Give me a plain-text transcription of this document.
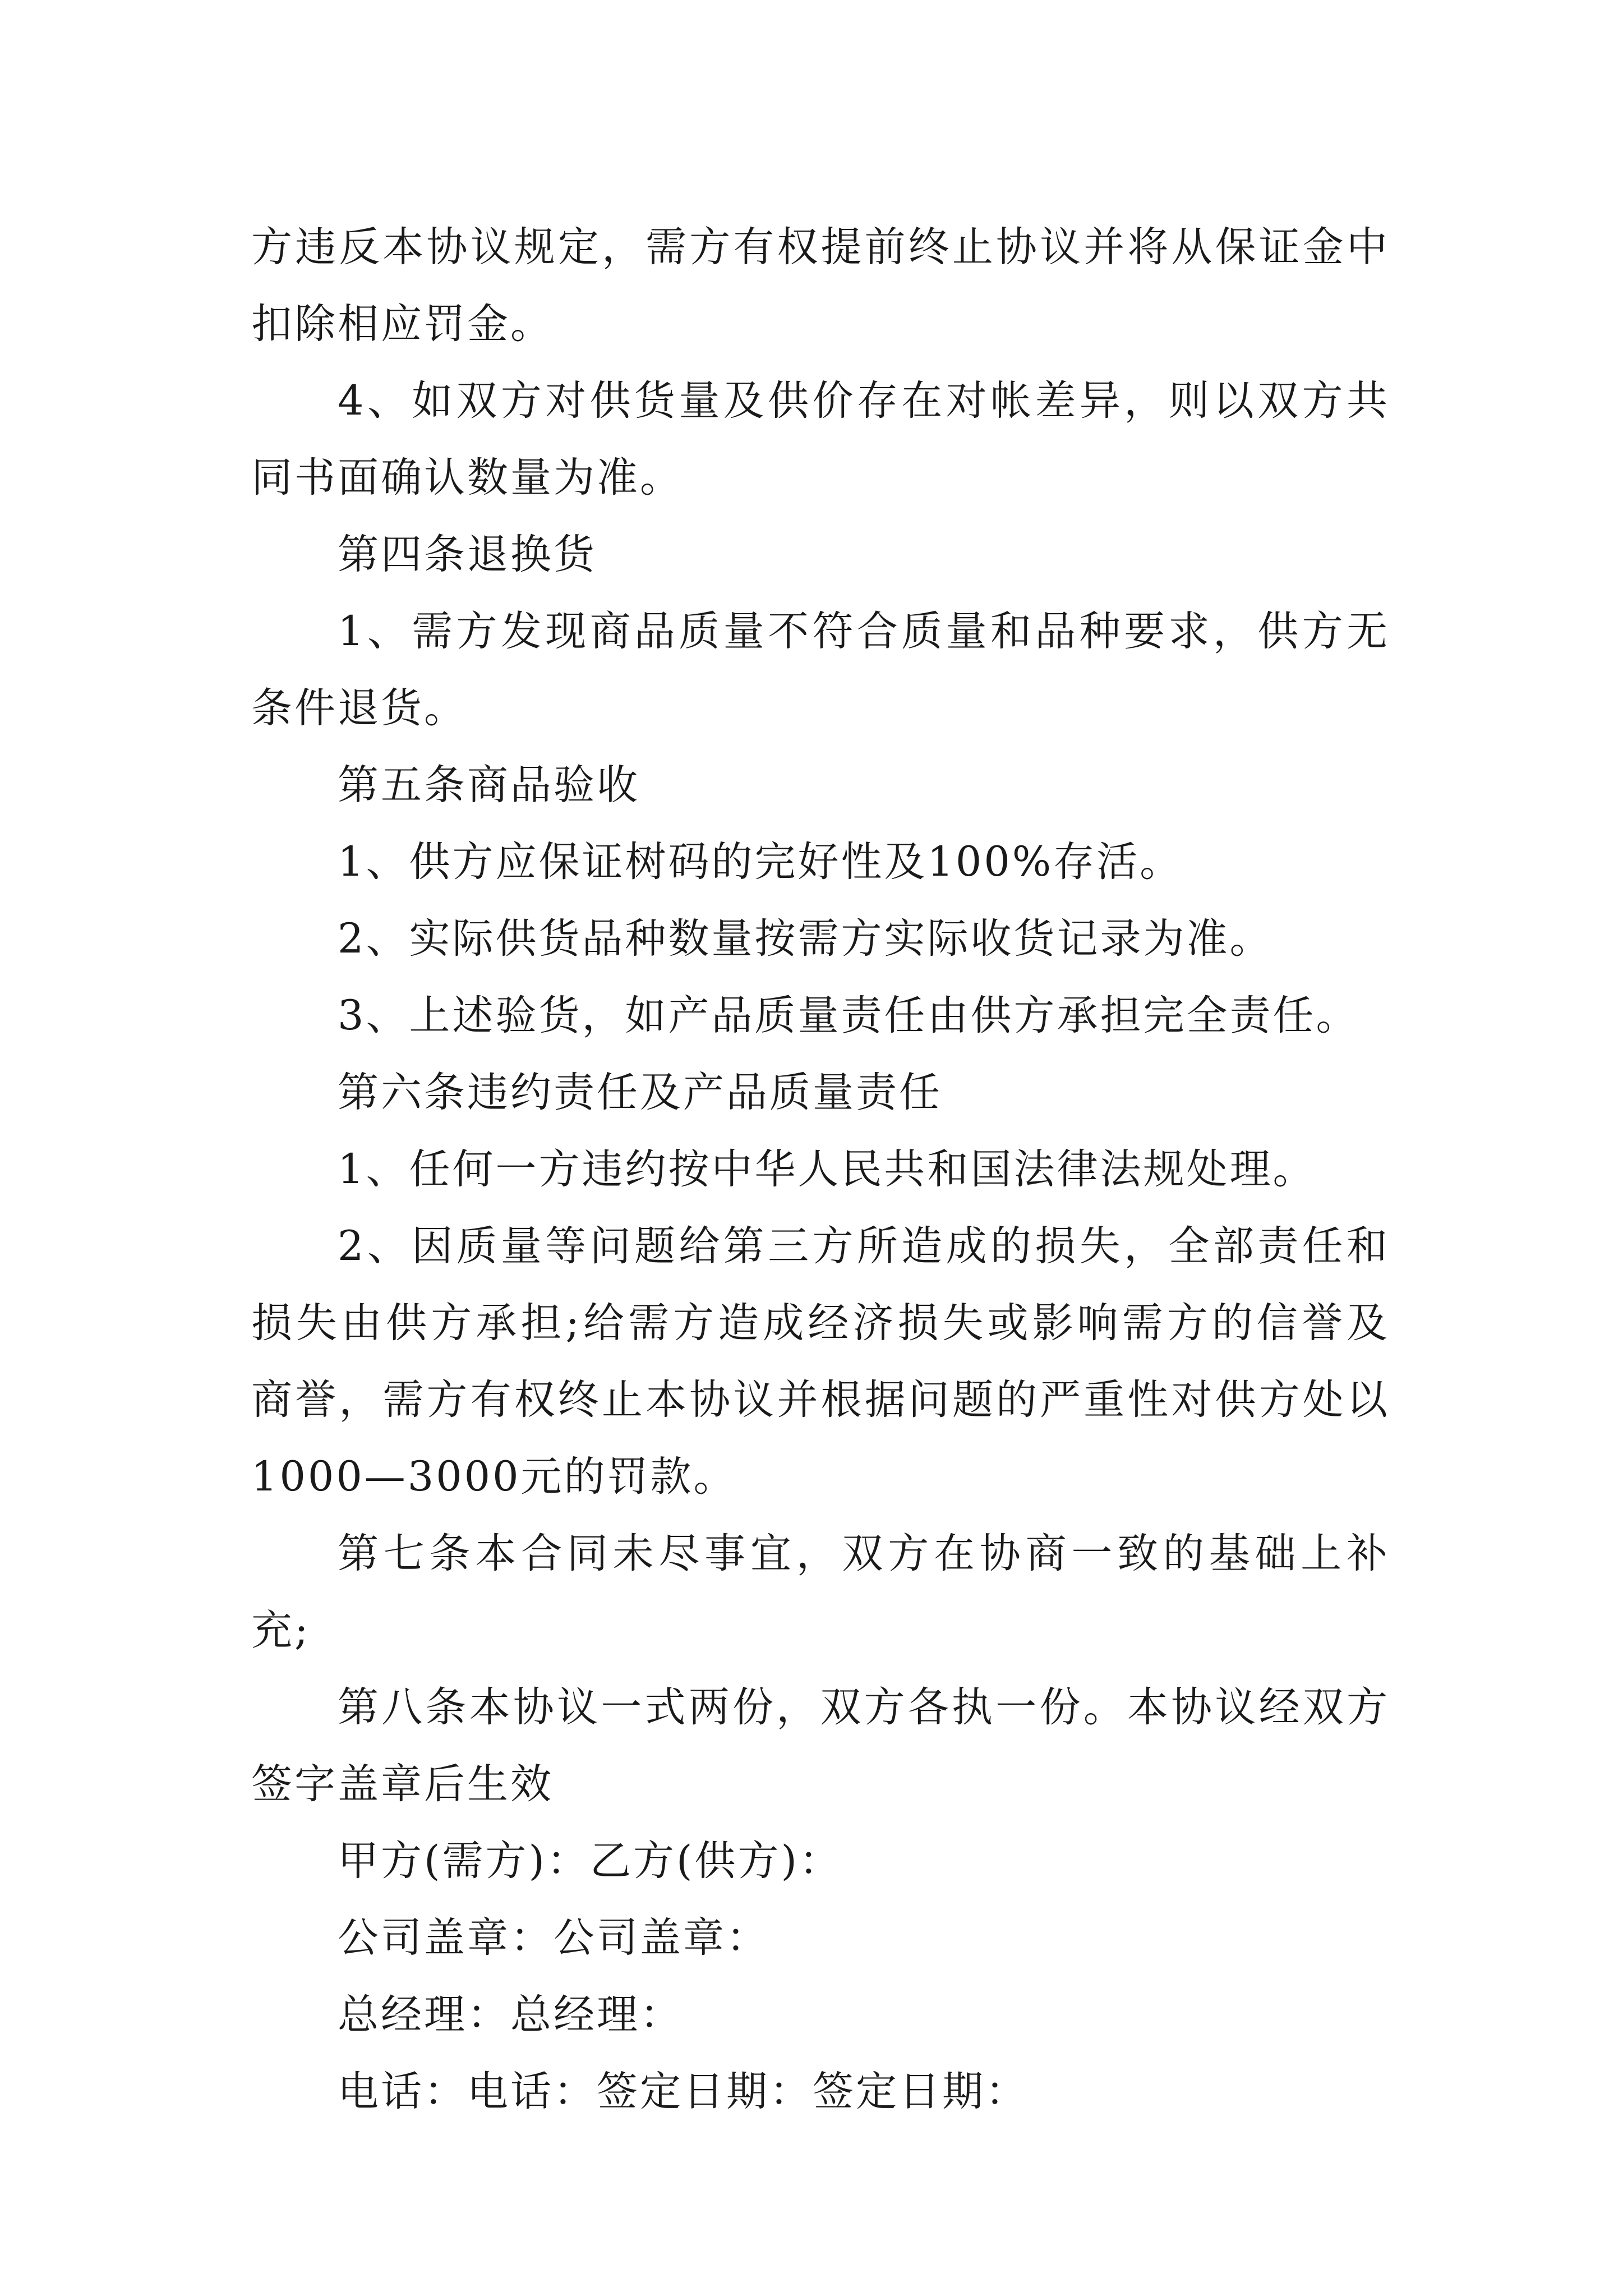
方违反本协议规定，需方有权提前终止协议并将从保证金中扣除相应罚金。

4、如双方对供货量及供价存在对帐差异，则以双方共同书面确认数量为准。

第四条退换货

1、需方发现商品质量不符合质量和品种要求，供方无条件退货。

第五条商品验收

1、供方应保证树码的完好性及100%存活。

2、实际供货品种数量按需方实际收货记录为准。

3、上述验货，如产品质量责任由供方承担完全责任。

第六条违约责任及产品质量责任

1、任何一方违约按中华人民共和国法律法规处理。

2、因质量等问题给第三方所造成的损失，全部责任和损失由供方承担;给需方造成经济损失或影响需方的信誉及商誉，需方有权终止本协议并根据问题的严重性对供方处以1000—3000元的罚款。

第七条本合同未尽事宜，双方在协商一致的基础上补充;

第八条本协议一式两份，双方各执一份。本协议经双方签字盖章后生效

甲方(需方)：乙方(供方)：

公司盖章：公司盖章：

总经理：总经理：

电话：电话：签定日期：签定日期：
